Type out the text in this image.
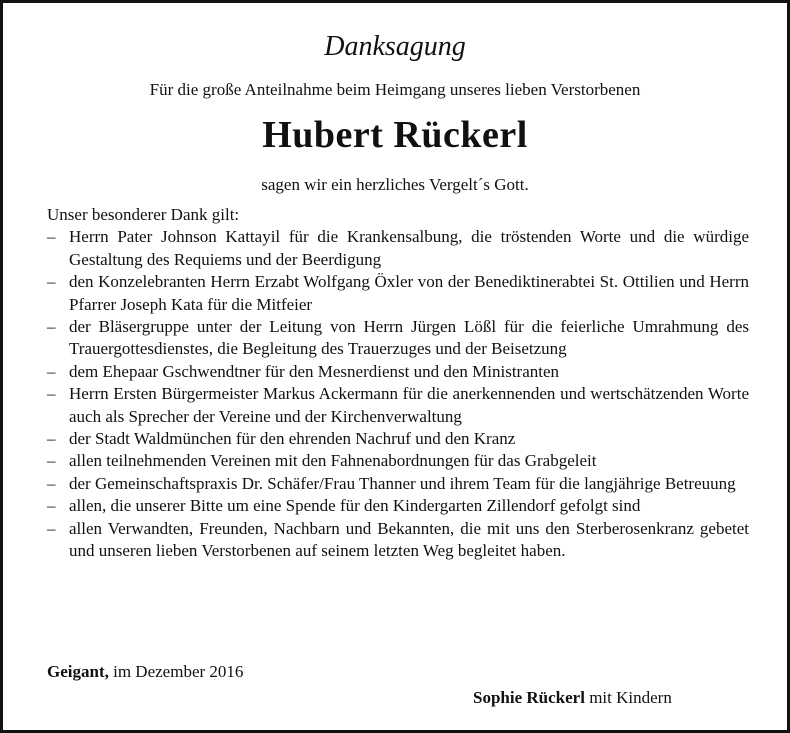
Danksagung
Für die große Anteilnahme beim Heimgang unseres lieben Verstorbenen
Hubert Rückerl
sagen wir ein herzliches Vergelt´s Gott.

Unser besonderer Dank gilt:

– Herrn Pater Johnson Kattayil für die Krankensalbung, die tröstenden Worte und die würdige Gestaltung des Requiems und der Beerdigung
– den Konzelebranten Herrn Erzabt Wolfgang Öxler von der Benediktinerabtei St. Ottilien und Herrn Pfarrer Joseph Kata für die Mitfeier
– der Bläsergruppe unter der Leitung von Herrn Jürgen Lößl für die feierliche Umrahmung des Trauergottesdienstes, die Begleitung des Trauerzuges und der Beisetzung
– dem Ehepaar Gschwendtner für den Mesnerdienst und den Ministranten
– Herrn Ersten Bürgermeister Markus Ackermann für die anerkennenden und wertschätzenden Worte auch als Sprecher der Vereine und der Kirchenverwaltung
– der Stadt Waldmünchen für den ehrenden Nachruf und den Kranz
– allen teilnehmenden Vereinen mit den Fahnenabordnungen für das Grabgeleit
– der Gemeinschaftspraxis Dr. Schäfer/Frau Thanner und ihrem Team für die langjährige Betreuung
– allen, die unserer Bitte um eine Spende für den Kindergarten Zillendorf gefolgt sind
– allen Verwandten, Freunden, Nachbarn und Bekannten, die mit uns den Sterberosenkranz gebetet und unseren lieben Verstorbenen auf seinem letzten Weg begleitet haben.
Geigant, im Dezember 2016
Sophie Rückerl mit Kindern
